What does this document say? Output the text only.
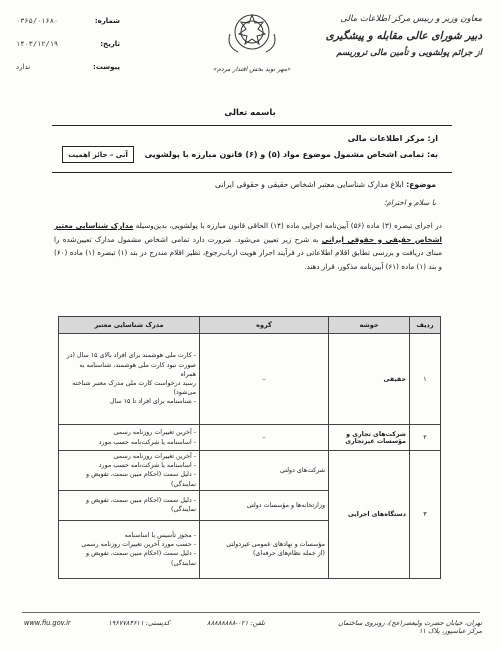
معاون وزیر و رییس مرکز اطلاعات مالی
دبیر شورای عالی مقابله و پیشگیری
از جرائم پولشویی و تأمین مالی تروریسم
«مهر نوید بخش اقتدار مردم»
شماره:
۰۳۶۵/۰۱۶۸۰
تاریخ:
۱۴۰۳/۱۲/۱۹
پیوست:
ندارد
باسمه تعالی
از: مرکز اطلاعات مالی
به: تمامی اشخاص مشمول موضوع مواد (۵) و (۶) قانون مبارزه با پولشویی
آنی – حائز اهمیت
موضوع: ابلاغ مدارک شناسایی معتبر اشخاص حقیقی و حقوقی ایرانی
با سلام و احترام؛
در اجرای تبصره (۳) ماده (۵۶) آیین‌نامه اجرایی ماده (۱۴) الحاقی قانون مبارزه با پولشویی، بدین‌وسیله مدارک شناسایی معتبر اشخاص حقیقی و حقوقی ایرانی به شرح زیر تعیین می‌شود. ضرورت دارد تمامی اشخاص مشمول مدارک تعیین‌شده را مبنای دریافت و بررسی تطابق اقلام اطلاعاتی در فرآیند احراز هویت ارباب‌رجوع، نظیر اقلام مندرج در بند (۱) تبصره (۱) ماده (۶۰) و بند (۱) ماده (۶۱) آیین‌نامه مذکور، قرار دهند.
ردیف	خوشه	گروه	مدرک شناسایی معتبر
۱	حقیقی	–	- کارت ملی هوشمند برای افراد بالای ۱۵ سال (در
صورت نبود کارت ملی هوشمند، شناسنامه به همراه
رسید درخواست کارت ملی مدرک معتبر شناخته
می‌شود)
- شناسنامه برای افراد تا ۱۵ سال

۲	شرکت‌های تجاری و مؤسسات غیرتجاری	–	- آخرین تغییرات روزنامه رسمی
- اساسنامه یا شرکت‌نامه حسب مورد

۳	دستگاه‌های اجرایی	شرکت‌های دولتی	- آخرین تغییرات روزنامه رسمی
- اساسنامه یا شرکت‌نامه حسب مورد
- دلیل سمت (احکام مبین سمت، تفویض و نمایندگی)

		وزارتخانه‌ها و مؤسسات دولتی	- دلیل سمت (احکام مبین سمت، تفویض و
نمایندگی)

		مؤسسات و نهادهای عمومی غیردولتی
(از جمله نظام‌های حرفه‌ای)	- مجوز تأسیس یا اساسنامه
- حسب مورد آخرین تغییرات روزنامه رسمی
- دلیل سمت (احکام مبین سمت، تفویض و
نمایندگی)
تهران، خیابان حضرت ولیعصر(عج)، روبروی ساختمان مرکز عباسپور، پلاک ۱۱
تلفن: ۰۲۱-۸۸۸۸۸۸۸۸
کدپستی: ۱۹۶۷۷۸۴۶۱۱
www.fiu.gov.ir
